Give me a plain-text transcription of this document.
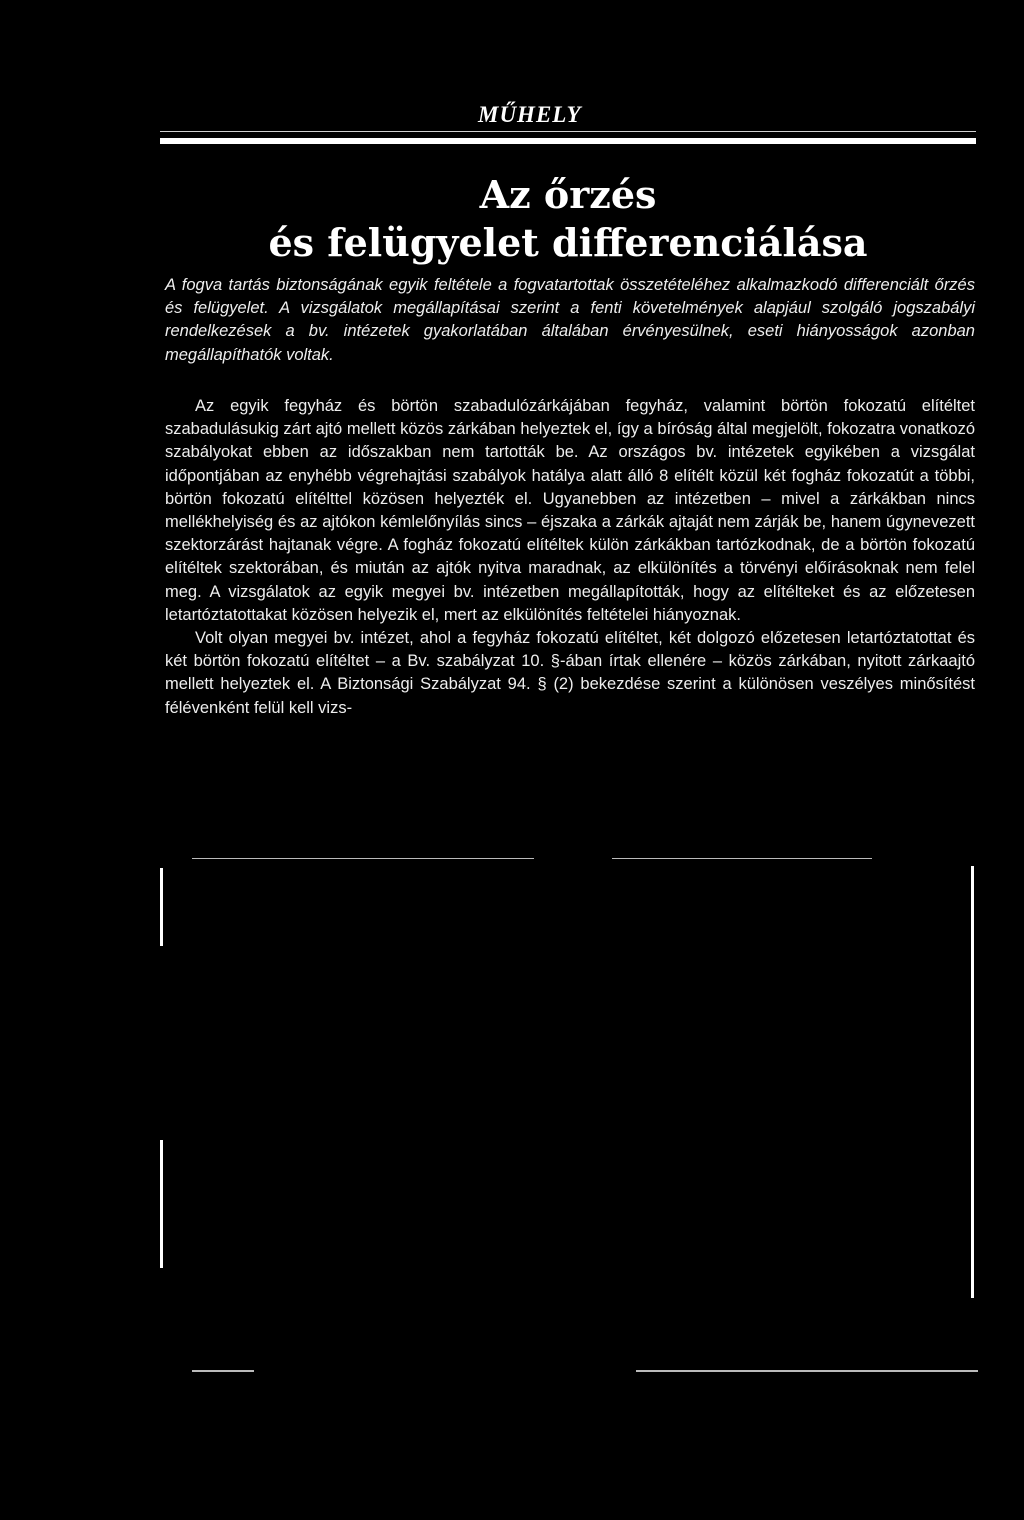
MŰHELY
Az őrzés
és felügyelet differenciálása

A fogva tartás biztonságának egyik feltétele a fogvatartottak összetételéhez alkalmazkodó differenciált őrzés és felügyelet. A vizsgálatok megállapításai szerint a fenti követelmények alapjául szolgáló jogszabályi rendelkezések a bv. intézetek gyakorlatában általában érvényesülnek, eseti hiányosságok azonban megállapíthatók voltak.

Az egyik fegyház és börtön szabadulózárkájában fegyház, valamint börtön fokozatú elítéltet szabadulásukig zárt ajtó mellett közös zárkában helyeztek el, így a bíróság által megjelölt, fokozatra vonatkozó szabályokat ebben az időszakban nem tartották be. Az országos bv. intézetek egyikében a vizsgálat időpontjában az enyhébb végrehajtási szabályok hatálya alatt álló 8 elítélt közül két fogház fokozatút a többi, börtön fokozatú elítélttel közösen helyezték el. Ugyanebben az intézetben – mivel a zárkákban nincs mellékhelyiség és az ajtókon kémlelőnyílás sincs – éjszaka a zárkák ajtaját nem zárják be, hanem úgynevezett szektorzárást hajtanak végre. A fogház fokozatú elítéltek külön zárkákban tartózkodnak, de a börtön fokozatú elítéltek szektorában, és miután az ajtók nyitva maradnak, az elkülönítés a törvényi előírásoknak nem felel meg. A vizsgálatok az egyik megyei bv. intézetben megállapították, hogy az elítélteket és az előzetesen letartóztatottakat közösen helyezik el, mert az elkülönítés feltételei hiányoznak.

Volt olyan megyei bv. intézet, ahol a fegyház fokozatú elítéltet, két dolgozó előzetesen letartóztatottat és két börtön fokozatú elítéltet – a Bv. szabályzat 10. §-ában írtak ellenére – közös zárkában, nyitott zárkaajtó mellett helyeztek el. A Biztonsági Szabályzat 94. § (2) bekezdése szerint a különösen veszélyes minősítést félévenként felül kell vizs-
